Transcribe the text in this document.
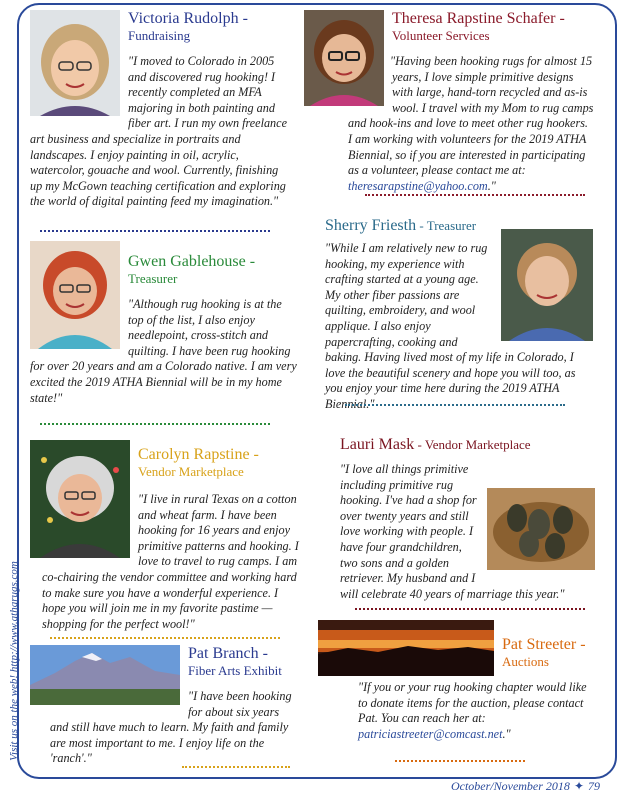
Victoria Rudolph -
Fundraising
"I moved to Colorado in 2005 and discovered rug hooking! I recently completed an MFA majoring in both painting and fiber art. I run my own freelance art business and specialize in portraits and landscapes. I enjoy painting in oil, acrylic, watercolor, gouache and wool. Currently, finishing up my McGown teaching certification and exploring the world of digital painting feed my imagination."
Theresa Rapstine Schafer -
Volunteer Services
"Having been hooking rugs for almost 15 years, I love simple primitive designs with large, hand-torn recycled and as-is wool. I travel with my Mom to rug camps and hook-ins and love to meet other rug hookers. I am working with volunteers for the 2019 ATHA Biennial, so if you are interested in participating as a volunteer, please contact me at: theresarapstine@yahoo.com."
Sherry Friesth - Treasurer
"While I am relatively new to rug hooking, my experience with crafting started at a young age. My other fiber passions are quilting, embroidery, and wool applique. I also enjoy papercrafting, cooking and baking. Having lived most of my life in Colorado, I love the beautiful scenery and hope you will too, as you enjoy your time here during the 2019 ATHA Biennial."
Gwen Gablehouse -
Treasurer
"Although rug hooking is at the top of the list, I also enjoy needlepoint, cross-stitch and quilting. I have been rug hooking for over 20 years and am a Colorado native. I am very excited the 2019 ATHA Biennial will be in my home state!"
Lauri Mask - Vendor Marketplace
"I love all things primitive including primitive rug hooking. I've had a shop for over twenty years and still love working with people. I have four grandchildren, two sons and a golden retriever. My husband and I will celebrate 40 years of marriage this year."
Carolyn Rapstine -
Vendor Marketplace
"I live in rural Texas on a cotton and wheat farm. I have been hooking for 16 years and enjoy primitive patterns and hooking. I love to travel to rug camps. I am co-chairing the vendor committee and working hard to make sure you have a wonderful experience. I hope you will join me in my favorite pastime —shopping for the perfect wool!"
Pat Branch -
Fiber Arts Exhibit
"I have been hooking for about six years and still have much to learn. My faith and family are most important to me. I enjoy life on the 'ranch'."
Pat Streeter -
Auctions
"If you or your rug hooking chapter would like to donate items for the auction, please contact Pat. You can reach her at: patriciastreeter@comcast.net."
Visit us on the web! http://www.atharugs.com
October/November 2018 ✦ 79
